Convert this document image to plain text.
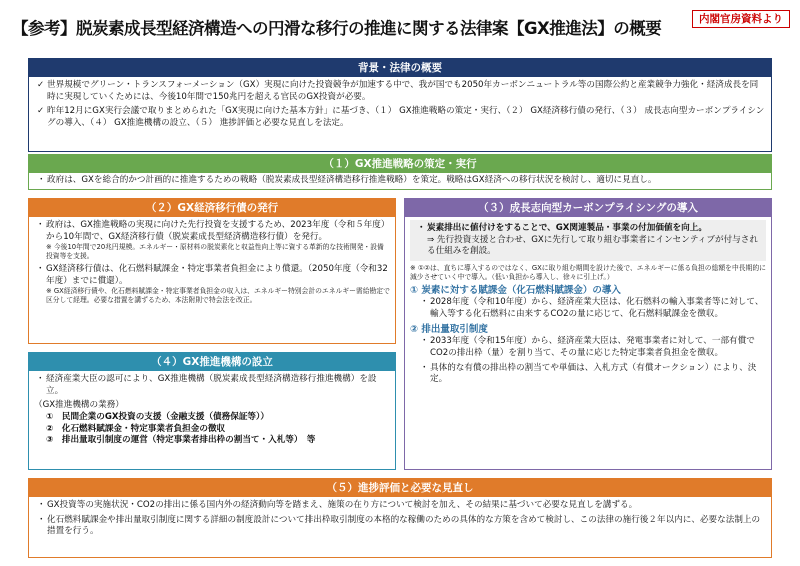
【参考】脱炭素成長型経済構造への円滑な移行の推進に関する法律案【GX推進法】の概要	内閣官房資料より
背景・法律の概要
✓ 世界規模でグリーン・トランスフォーメーション（GX）実現に向けた投資競争が加速する中で、我が国でも2050年カーボンニュートラル等の国際公約と産業競争力強化・経済成長を同時に実現していくためには、今後10年間で150兆円を超える官民のGX投資が必要。
✓ 昨年12月にGX実行会議で取りまとめられた「GX実現に向けた基本方針」に基づき、（１） GX推進戦略の策定・実行、（２） GX経済移行債の発行、（３） 成長志向型カーボンプライシングの導入、（４） GX推進機構の設立、（５） 進捗評価と必要な見直しを法定。
（１）GX推進戦略の策定・実行
・ 政府は、GXを総合的かつ計画的に推進するための戦略（脱炭素成長型経済構造移行推進戦略）を策定。戦略はGX経済への移行状況を検討し、適切に見直し。
（２）GX経済移行債の発行
・ 政府は、GX推進戦略の実現に向けた先行投資を支援するため、2023年度（令和５年度）から10年間で、GX経済移行債（脱炭素成長型経済構造移行債）を発行。
※ 今後10年間で20兆円規模。エネルギー・原材料の脱炭素化と収益性向上等に資する革新的な技術開発・設備投資等を支援。
・ GX経済移行債は、化石燃料賦課金・特定事業者負担金により償還。（2050年度（令和32年度）までに償還）。
※ GX経済移行債や、化石燃料賦課金・特定事業者負担金の収入は、エネルギー特別会計のエネルギー需給勘定で区分して経理。必要な措置を講ずるため、本法附則で特会法を改正。
（３）成長志向型カーボンプライシングの導入
・ 炭素排出に値付けをすることで、GX関連製品・事業の付加価値を向上。
⇒ 先行投資支援と合わせ、GXに先行して取り組む事業者にインセンティブが付与される仕組みを創設。
※ ①②は、直ちに導入するのではなく、GXに取り組む期間を設けた後で、エネルギーに係る負担の総額を中長期的に減少させていく中で導入。（低い負担から導入し、徐々に引上げ。）
① 炭素に対する賦課金（化石燃料賦課金）の導入
・ 2028年度（令和10年度）から、経済産業大臣は、化石燃料の輸入事業者等に対して、輸入等する化石燃料に由来するCO2の量に応じて、化石燃料賦課金を徴収。
② 排出量取引制度
・ 2033年度（令和15年度）から、経済産業大臣は、発電事業者に対して、一部有償でCO2の排出枠（量）を割り当て、その量に応じた特定事業者負担金を徴収。
・ 具体的な有償の排出枠の割当てや単価は、入札方式（有償オークション）により、決定。
（４）GX推進機構の設立
・ 経済産業大臣の認可により、GX推進機構（脱炭素成長型経済構造移行推進機構）を設立。
（GX推進機構の業務）
①　民間企業のGX投資の支援（金融支援（債務保証等））
②　化石燃料賦課金・特定事業者負担金の徴収
③　排出量取引制度の運営（特定事業者排出枠の割当て・入札等）　等
（５）進捗評価と必要な見直し
・ GX投資等の実施状況・CO2の排出に係る国内外の経済動向等を踏まえ、施策の在り方について検討を加え、その結果に基づいて必要な見直しを講ずる。
・ 化石燃料賦課金や排出量取引制度に関する詳細の制度設計について排出枠取引制度の本格的な稼働のための具体的な方策を含めて検討し、この法律の施行後２年以内に、必要な法制上の措置を行う。
